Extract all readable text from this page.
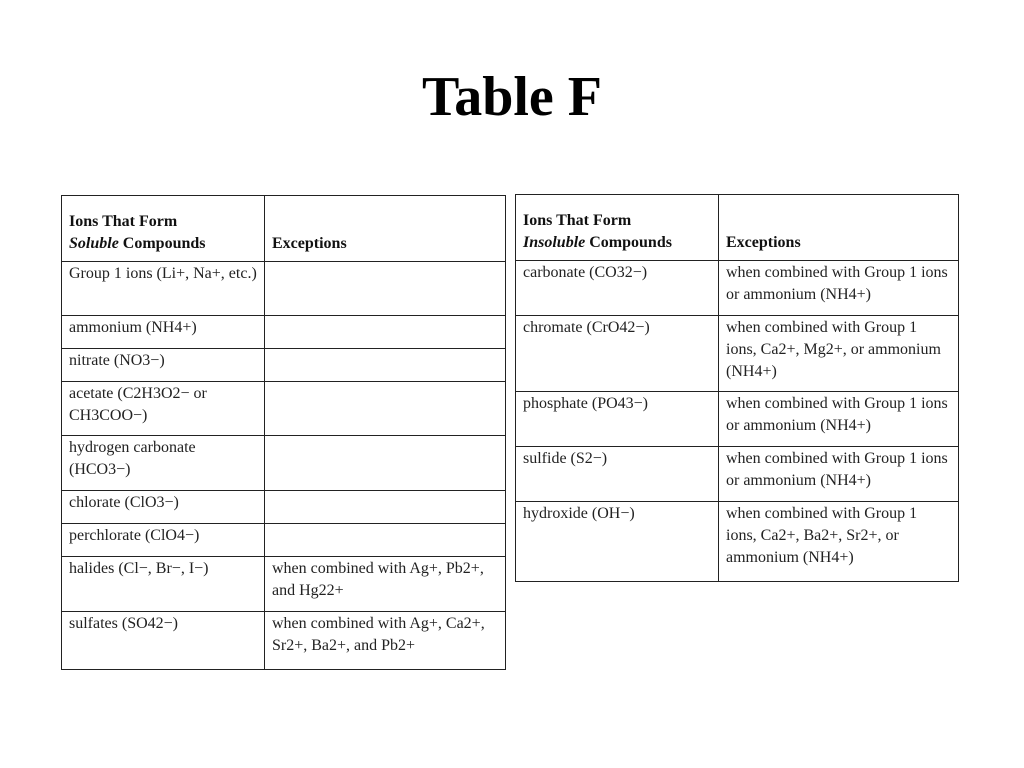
Table F
Ions That Form
Soluble Compounds	Exceptions
Group 1 ions (Li+, Na+, etc.)	
ammonium (NH4+)	
nitrate (NO3−)	
acetate (C2H3O2− or CH3COO−)	
hydrogen carbonate (HCO3−)	
chlorate (ClO3−)	
perchlorate (ClO4−)	
halides (Cl−, Br−, I−)	when combined with Ag+, Pb2+, and Hg22+
sulfates (SO42−)	when combined with Ag+, Ca2+, Sr2+, Ba2+, and Pb2+
Ions That Form
Insoluble Compounds	Exceptions
carbonate (CO32−)	when combined with Group 1 ions or ammonium (NH4+)
chromate (CrO42−)	when combined with Group 1 ions, Ca2+, Mg2+, or ammonium (NH4+)
phosphate (PO43−)	when combined with Group 1 ions or ammonium (NH4+)
sulfide (S2−)	when combined with Group 1 ions or ammonium (NH4+)
hydroxide (OH−)	when combined with Group 1 ions, Ca2+, Ba2+, Sr2+, or ammonium (NH4+)
